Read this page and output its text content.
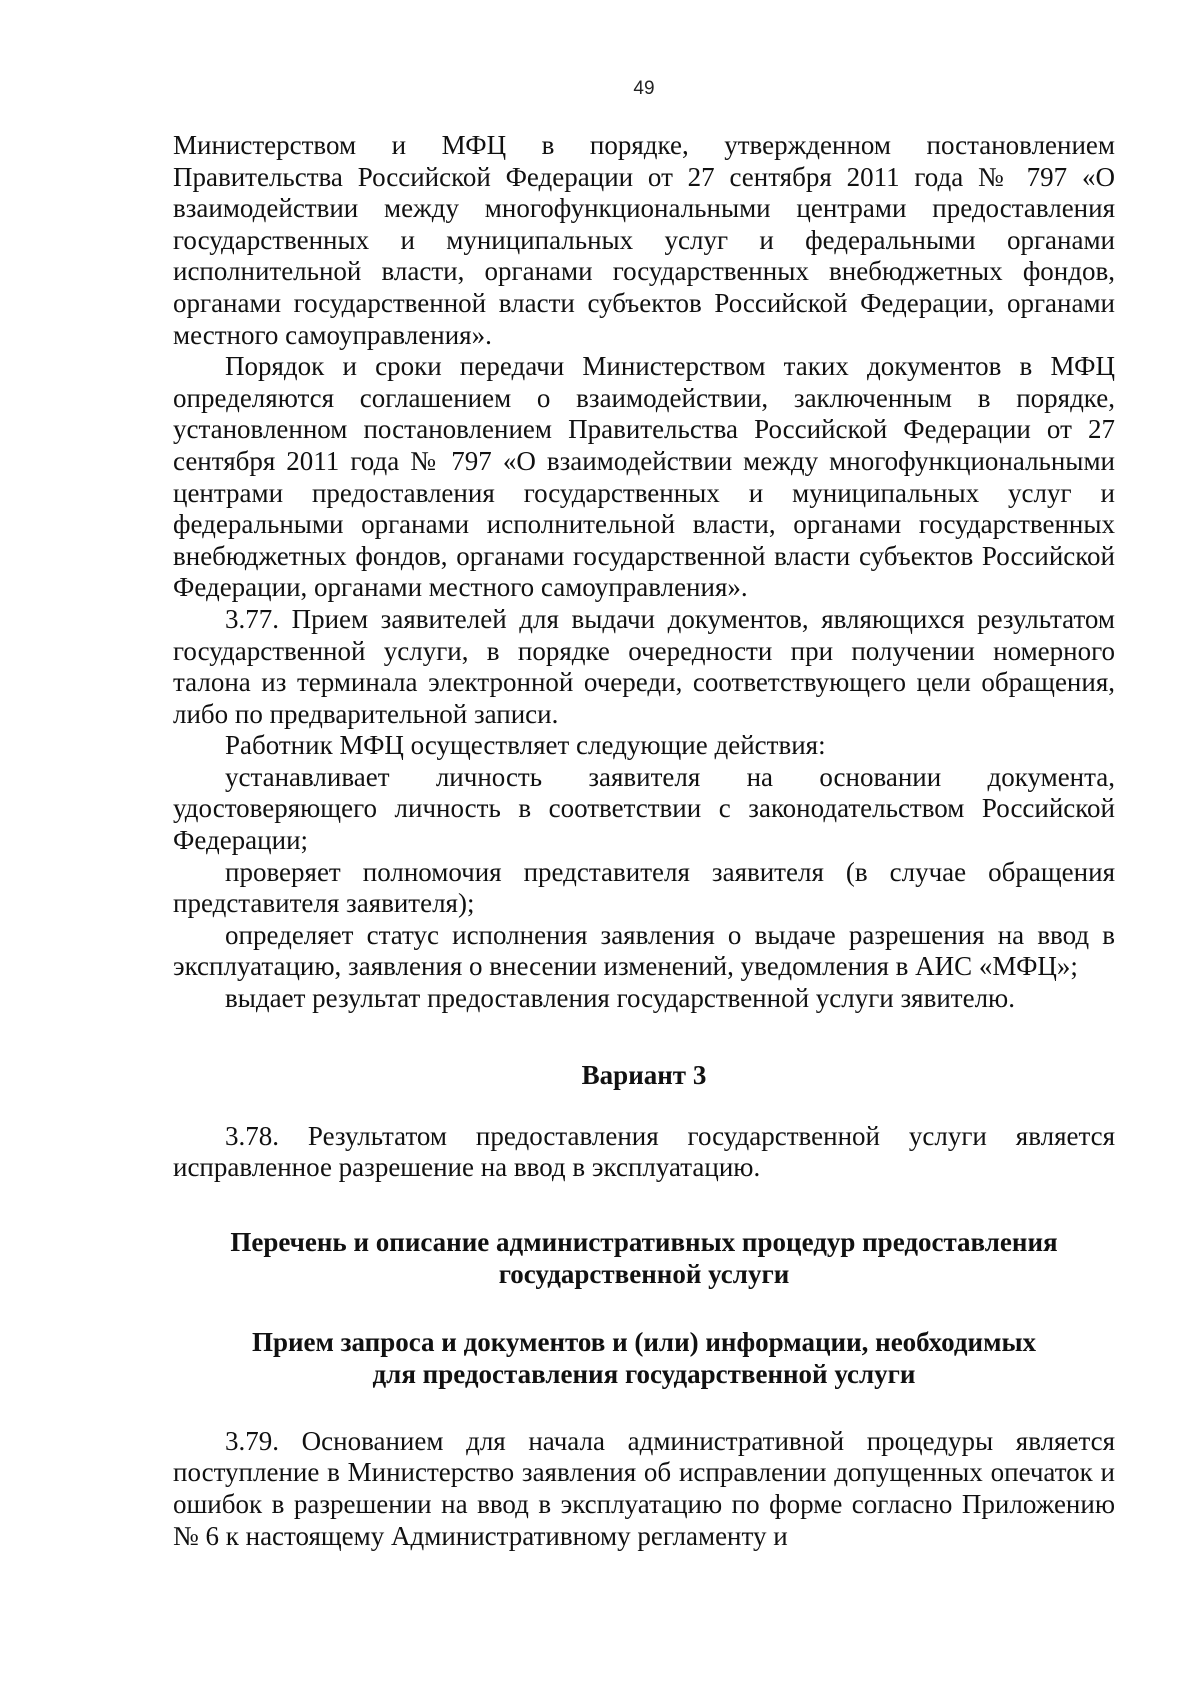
49

Министерством и МФЦ в порядке, утвержденном постановлением Правительства Российской Федерации от 27 сентября 2011 года № 797 «О взаимодействии между многофункциональными центрами предоставления государственных и муниципальных услуг и федеральными органами исполнительной власти, органами государственных внебюджетных фондов, органами государственной власти субъектов Российской Федерации, органами местного самоуправления».

Порядок и сроки передачи Министерством таких документов в МФЦ определяются соглашением о взаимодействии, заключенным в порядке, установленном постановлением Правительства Российской Федерации от 27 сентября 2011 года № 797 «О взаимодействии между многофункциональными центрами предоставления государственных и муниципальных услуг и федеральными органами исполнительной власти, органами государственных внебюджетных фондов, органами государственной власти субъектов Российской Федерации, органами местного самоуправления».

3.77. Прием заявителей для выдачи документов, являющихся результатом государственной услуги, в порядке очередности при получении номерного талона из терминала электронной очереди, соответствующего цели обращения, либо по предварительной записи.

Работник МФЦ осуществляет следующие действия:

устанавливает личность заявителя на основании документа, удостоверяющего личность в соответствии с законодательством Российской Федерации;

проверяет полномочия представителя заявителя (в случае обращения представителя заявителя);

определяет статус исполнения заявления о выдаче разрешения на ввод в эксплуатацию, заявления о внесении изменений, уведомления в АИС «МФЦ»;

выдает результат предоставления государственной услуги зявителю.

Вариант 3

3.78. Результатом предоставления государственной услуги является исправленное разрешение на ввод в эксплуатацию.

Перечень и описание административных процедур предоставления
государственной услуги
Прием запроса и документов и (или) информации, необходимых
для предоставления государственной услуги

3.79. Основанием для начала административной процедуры является поступление в Министерство заявления об исправлении допущенных опечаток и ошибок в разрешении на ввод в эксплуатацию по форме согласно Приложению № 6 к настоящему Административному регламенту и
